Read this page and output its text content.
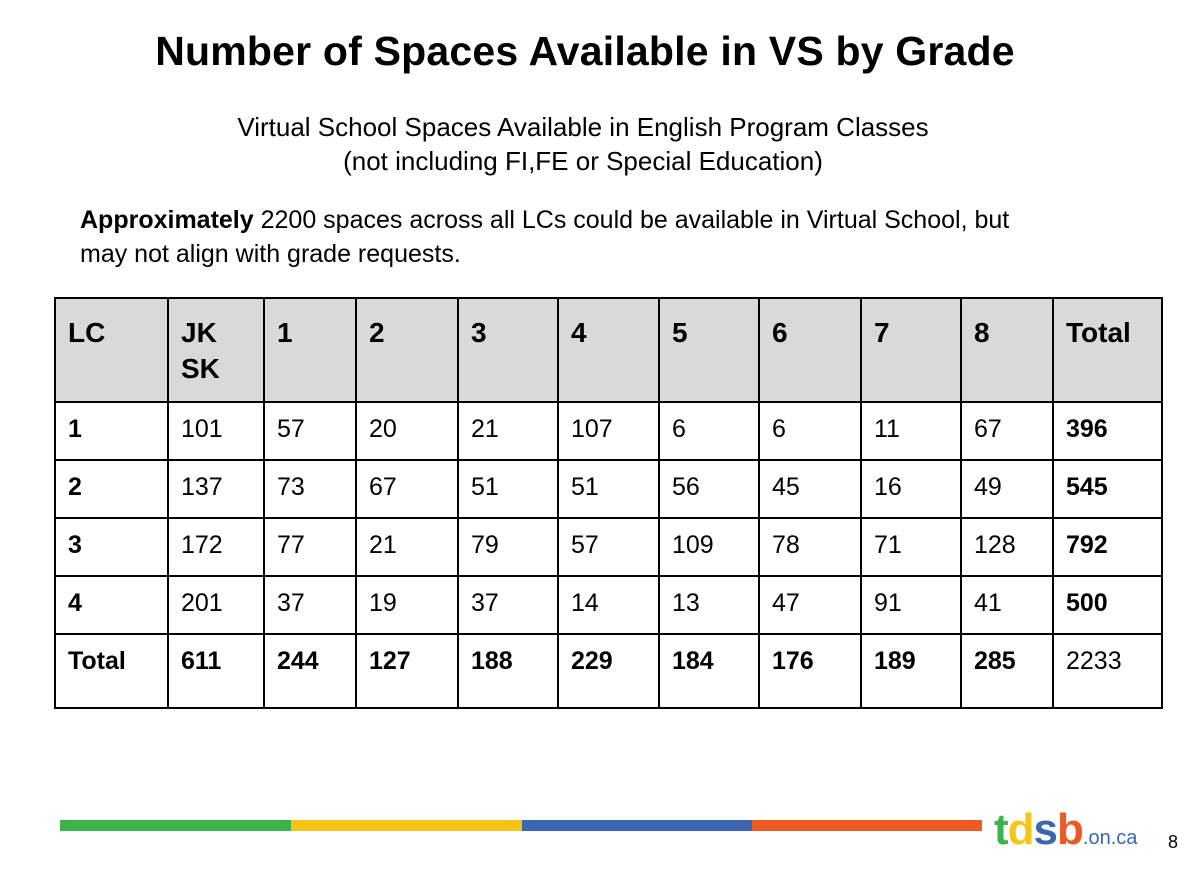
Number of Spaces Available in VS by Grade
Virtual School Spaces Available in English Program Classes
(not including FI,FE or Special Education)
Approximately 2200 spaces across all LCs could be available in Virtual School, but may not align with grade requests.
LC	JK SK	1	2	3	4	5	6	7	8	Total
1	101	57	20	21	107	6	6	11	67	396
2	137	73	67	51	51	56	45	16	49	545
3	172	77	21	79	57	109	78	71	128	792
4	201	37	19	37	14	13	47	91	41	500
Total	611	244	127	188	229	184	176	189	285	2233
tdsb.on.ca 8
